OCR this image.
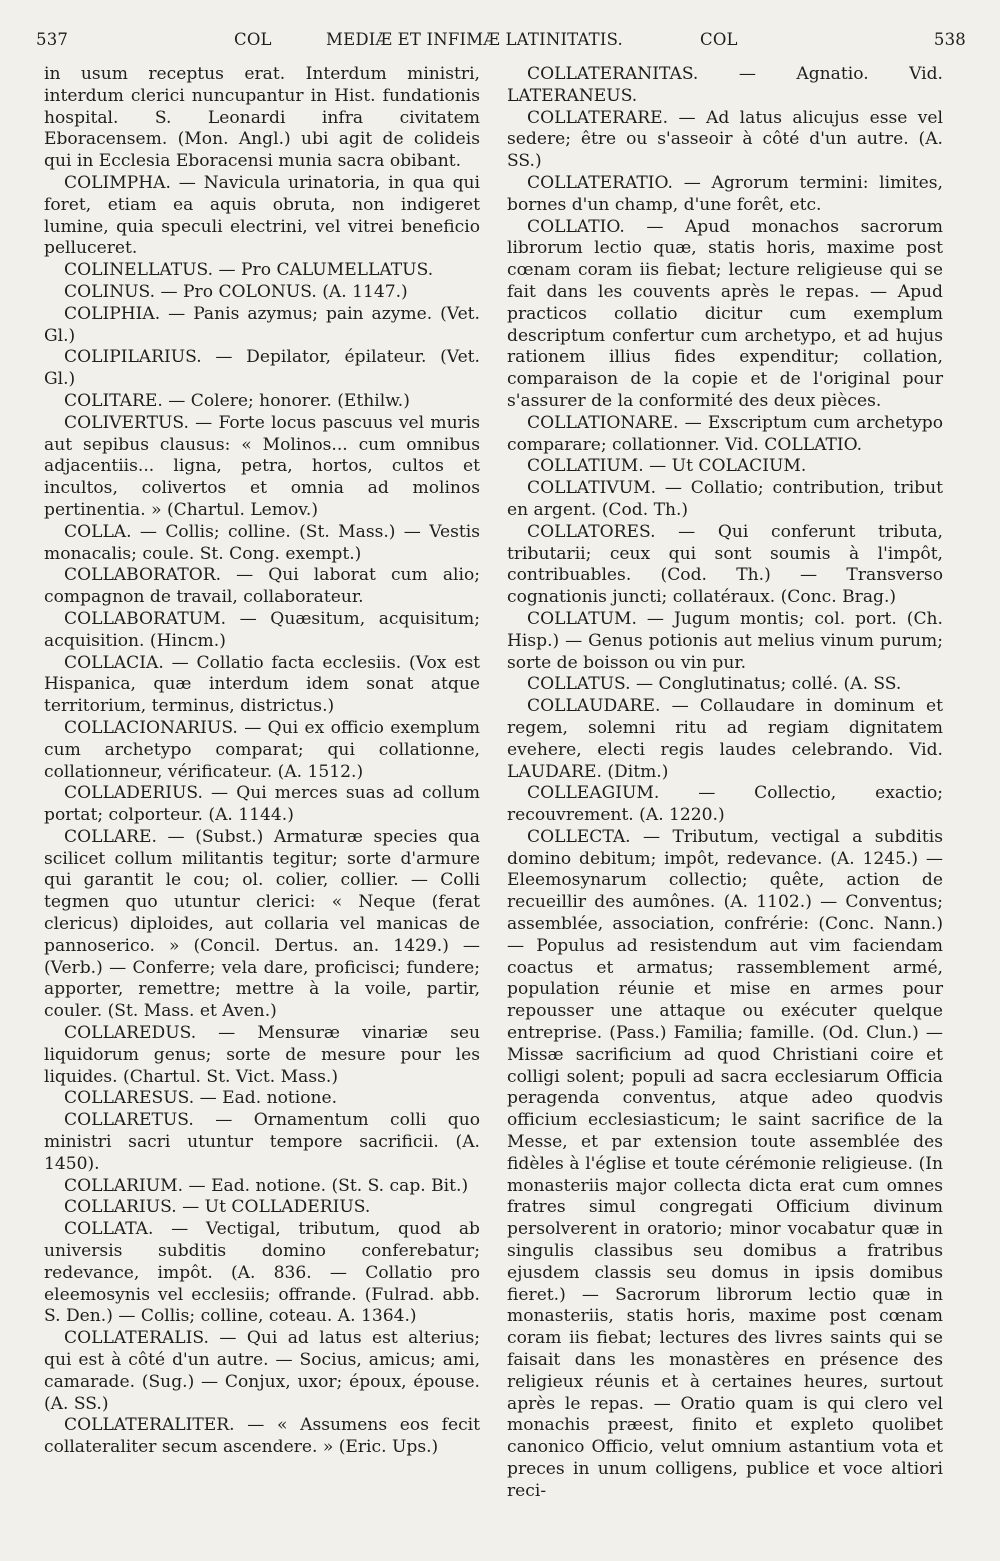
537	COL	MEDIÆ ET INFIMÆ LATINITATIS.	COL	538

in usum receptus erat. Interdum ministri, interdum clerici nuncupantur in Hist. fundationis hospital. S. Leonardi infra civitatem Eboracensem. (Mon. Angl.) ubi agit de colideis qui in Ecclesia Eboracensi munia sacra obibant.

COLIMPHA. — Navicula urinatoria, in qua qui foret, etiam ea aquis obruta, non indigeret lumine, quia speculi electrini, vel vitrei beneficio pelluceret.

COLINELLATUS. — Pro CALUMELLATUS.

COLINUS. — Pro COLONUS. (A. 1147.)

COLIPHIA. — Panis azymus; pain azyme. (Vet. Gl.)

COLIPILARIUS. — Depilator, épilateur. (Vet. Gl.)

COLITARE. — Colere; honorer. (Ethilw.)

COLIVERTUS. — Forte locus pascuus vel muris aut sepibus clausus: « Molinos... cum omnibus adjacentiis... ligna, petra, hortos, cultos et incultos, colivertos et omnia ad molinos pertinentia. » (Chartul. Lemov.)

COLLA. — Collis; colline. (St. Mass.) — Vestis monacalis; coule. St. Cong. exempt.)

COLLABORATOR. — Qui laborat cum alio; compagnon de travail, collaborateur.

COLLABORATUM. — Quæsitum, acquisitum; acquisition. (Hincm.)

COLLACIA. — Collatio facta ecclesiis. (Vox est Hispanica, quæ interdum idem sonat atque territorium, terminus, districtus.)

COLLACIONARIUS. — Qui ex officio exemplum cum archetypo comparat; qui collationne, collationneur, vérificateur. (A. 1512.)

COLLADERIUS. — Qui merces suas ad collum portat; colporteur. (A. 1144.)

COLLARE. — (Subst.) Armaturæ species qua scilicet collum militantis tegitur; sorte d'armure qui garantit le cou; ol. colier, collier. — Colli tegmen quo utuntur clerici: « Neque (ferat clericus) diploides, aut collaria vel manicas de pannoserico. » (Concil. Dertus. an. 1429.) — (Verb.) — Conferre; vela dare, proficisci; fundere; apporter, remettre; mettre à la voile, partir, couler. (St. Mass. et Aven.)

COLLAREDUS. — Mensuræ vinariæ seu liquidorum genus; sorte de mesure pour les liquides. (Chartul. St. Vict. Mass.)

COLLARESUS. — Ead. notione.

COLLARETUS. — Ornamentum colli quo ministri sacri utuntur tempore sacrificii. (A. 1450).

COLLARIUM. — Ead. notione. (St. S. cap. Bit.)

COLLARIUS. — Ut COLLADERIUS.

COLLATA. — Vectigal, tributum, quod ab universis subditis domino conferebatur; redevance, impôt. (A. 836. — Collatio pro eleemosynis vel ecclesiis; offrande. (Fulrad. abb. S. Den.) — Collis; colline, coteau. A. 1364.)

COLLATERALIS. — Qui ad latus est alterius; qui est à côté d'un autre. — Socius, amicus; ami, camarade. (Sug.) — Conjux, uxor; époux, épouse. (A. SS.)

COLLATERALITER. — « Assumens eos fecit collateraliter secum ascendere. » (Eric. Ups.)

COLLATERANITAS. — Agnatio. Vid. LATERANEUS.

COLLATERARE. — Ad latus alicujus esse vel sedere; être ou s'asseoir à côté d'un autre. (A. SS.)

COLLATERATIO. — Agrorum termini: limites, bornes d'un champ, d'une forêt, etc.

COLLATIO. — Apud monachos sacrorum librorum lectio quæ, statis horis, maxime post cœnam coram iis fiebat; lecture religieuse qui se fait dans les couvents après le repas. — Apud practicos collatio dicitur cum exemplum descriptum confertur cum archetypo, et ad hujus rationem illius fides expenditur; collation, comparaison de la copie et de l'original pour s'assurer de la conformité des deux pièces.

COLLATIONARE. — Exscriptum cum archetypo comparare; collationner. Vid. COLLATIO.

COLLATIUM. — Ut COLACIUM.

COLLATIVUM. — Collatio; contribution, tribut en argent. (Cod. Th.)

COLLATORES. — Qui conferunt tributa, tributarii; ceux qui sont soumis à l'impôt, contribuables. (Cod. Th.) — Transverso cognationis juncti; collatéraux. (Conc. Brag.)

COLLATUM. — Jugum montis; col. port. (Ch. Hisp.) — Genus potionis aut melius vinum purum; sorte de boisson ou vin pur.

COLLATUS. — Conglutinatus; collé. (A. SS.

COLLAUDARE. — Collaudare in dominum et regem, solemni ritu ad regiam dignitatem evehere, electi regis laudes celebrando. Vid. LAUDARE. (Ditm.)

COLLEAGIUM. — Collectio, exactio; recouvrement. (A. 1220.)

COLLECTA. — Tributum, vectigal a subditis domino debitum; impôt, redevance. (A. 1245.) — Eleemosynarum collectio; quête, action de recueillir des aumônes. (A. 1102.) — Conventus; assemblée, association, confrérie: (Conc. Nann.) — Populus ad resistendum aut vim faciendam coactus et armatus; rassemblement armé, population réunie et mise en armes pour repousser une attaque ou exécuter quelque entreprise. (Pass.) Familia; famille. (Od. Clun.) — Missæ sacrificium ad quod Christiani coire et colligi solent; populi ad sacra ecclesiarum Officia peragenda conventus, atque adeo quodvis officium ecclesiasticum; le saint sacrifice de la Messe, et par extension toute assemblée des fidèles à l'église et toute cérémonie religieuse. (In monasteriis major collecta dicta erat cum omnes fratres simul congregati Officium divinum persolverent in oratorio; minor vocabatur quæ in singulis classibus seu domibus a fratribus ejusdem classis seu domus in ipsis domibus fieret.) — Sacrorum librorum lectio quæ in monasteriis, statis horis, maxime post cœnam coram iis fiebat; lectures des livres saints qui se faisait dans les monastères en présence des religieux réunis et à certaines heures, surtout après le repas. — Oratio quam is qui clero vel monachis præest, finito et expleto quolibet canonico Officio, velut omnium astantium vota et preces in unum colligens, publice et voce altiori reci-
